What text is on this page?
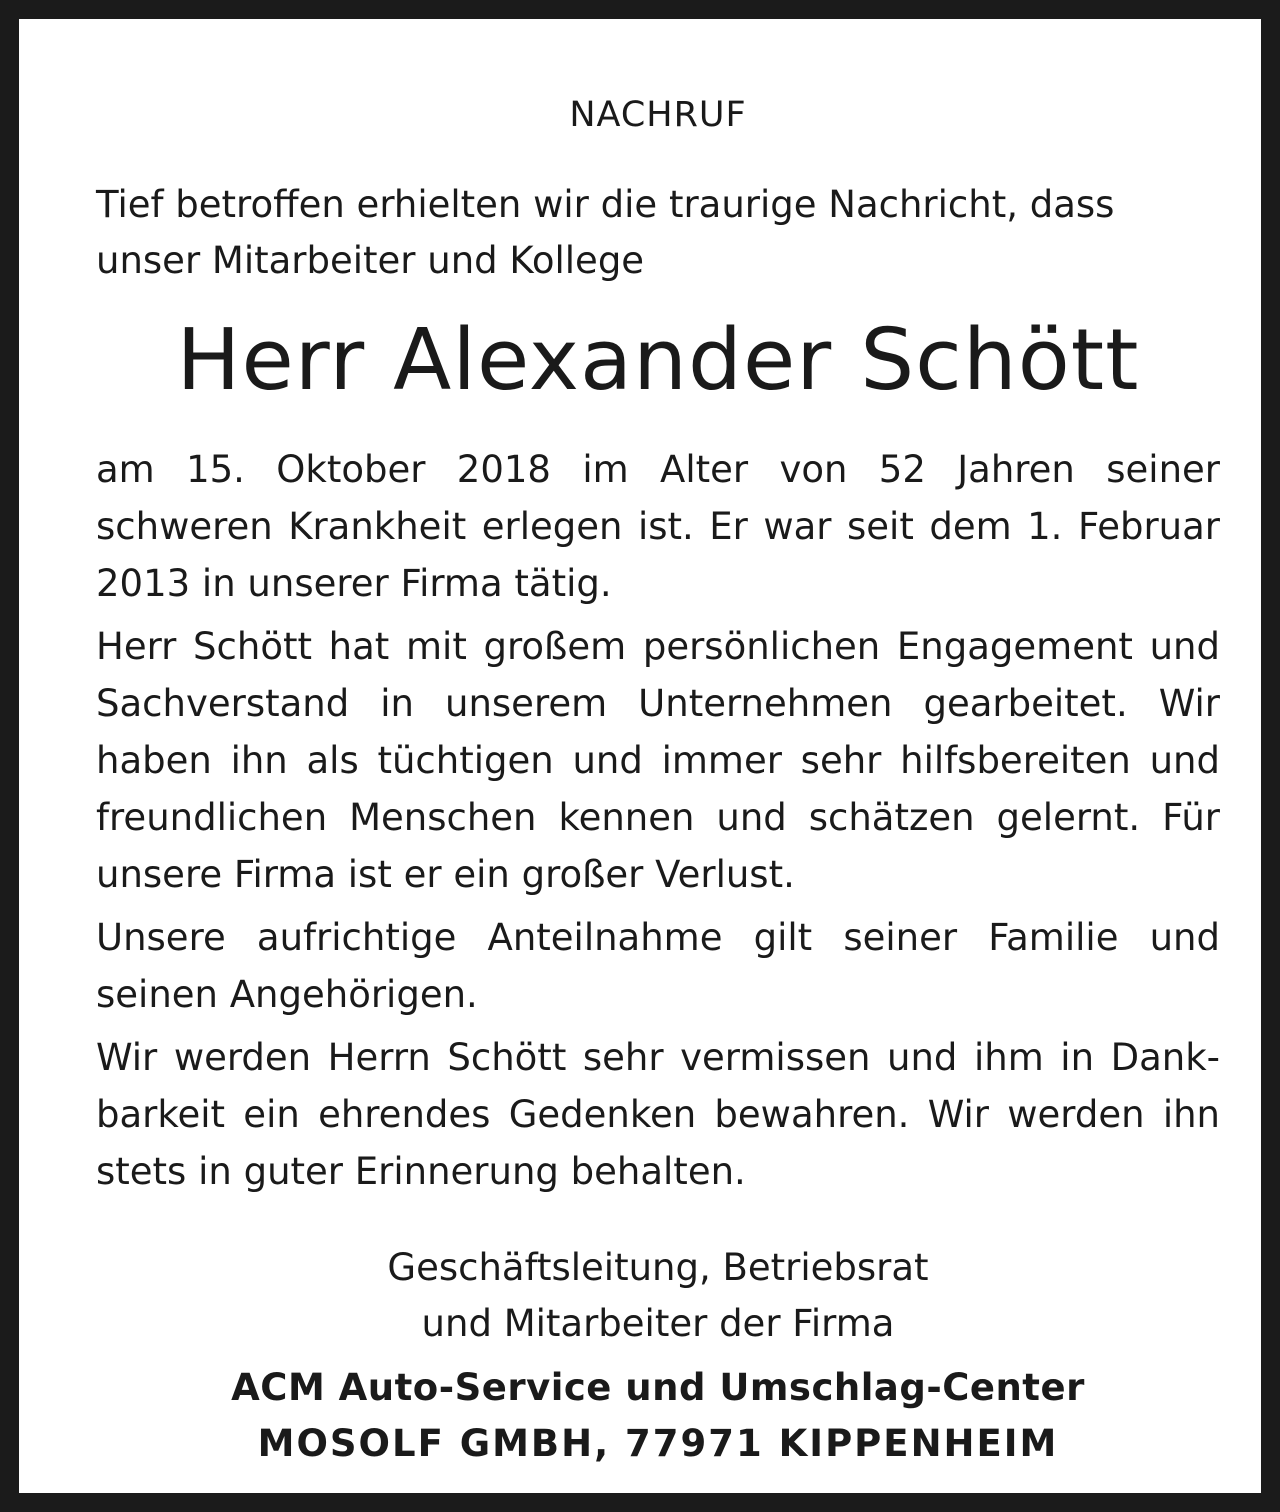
NACHRUF

Tief betroffen erhielten wir die traurige Nachricht, dass unser Mitarbeiter und Kollege

Herr Alexander Schött

am 15. Oktober 2018 im Alter von 52 Jahren seiner schweren Krankheit erlegen ist. Er war seit dem 1. Februar 2013 in unserer Firma tätig.

Herr Schött hat mit großem persönlichen Engagement und Sachverstand in unserem Unternehmen gearbeitet. Wir haben ihn als tüchtigen und immer sehr hilfsbereiten und freundlichen Menschen kennen und schätzen gelernt. Für unsere Firma ist er ein großer Verlust.

Unsere aufrichtige Anteilnahme gilt seiner Familie und seinen Angehörigen.

Wir werden Herrn Schött sehr vermissen und ihm in Dankbarkeit ein ehrendes Gedenken bewahren. Wir werden ihn stets in guter Erinnerung behalten.

Geschäftsleitung, Betriebsrat
und Mitarbeiter der Firma
ACM Auto-Service und Umschlag-Center
MOSOLF GMBH, 77971 KIPPENHEIM
